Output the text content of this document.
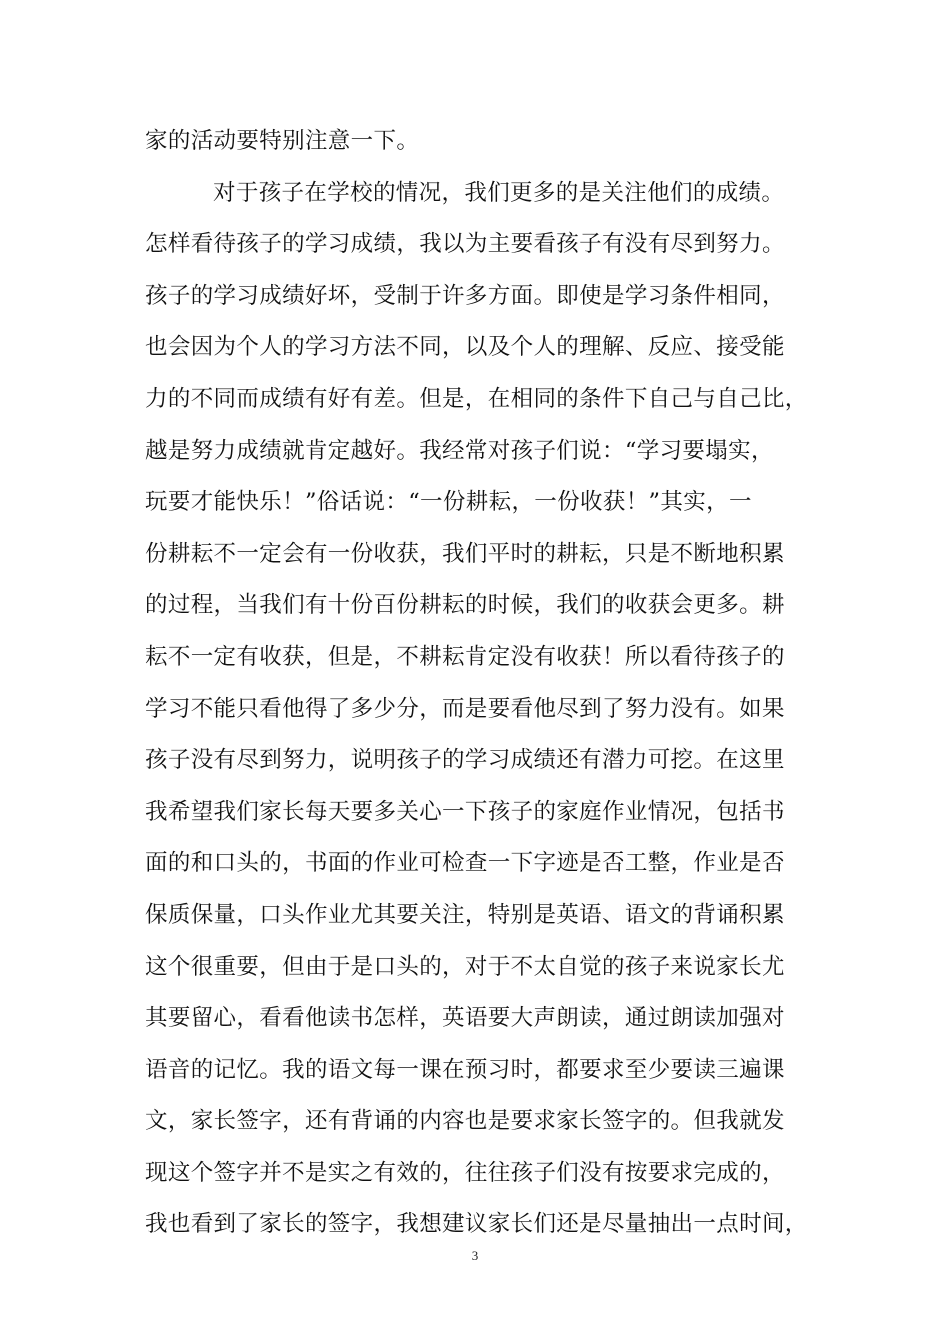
家的活动要特别注意一下。
对于孩子在学校的情况，我们更多的是关注他们的成绩。
怎样看待孩子的学习成绩，我以为主要看孩子有没有尽到努力。
孩子的学习成绩好坏，受制于许多方面。即使是学习条件相同，
也会因为个人的学习方法不同，以及个人的理解、反应、接受能
力的不同而成绩有好有差。但是，在相同的条件下自己与自己比，
越是努力成绩就肯定越好。我经常对孩子们说：“学习要塌实，
玩要才能快乐！”俗话说：“一份耕耘，一份收获！”其实，一
份耕耘不一定会有一份收获，我们平时的耕耘，只是不断地积累
的过程，当我们有十份百份耕耘的时候，我们的收获会更多。耕
耘不一定有收获，但是，不耕耘肯定没有收获！所以看待孩子的
学习不能只看他得了多少分，而是要看他尽到了努力没有。如果
孩子没有尽到努力，说明孩子的学习成绩还有潜力可挖。在这里
我希望我们家长每天要多关心一下孩子的家庭作业情况，包括书
面的和口头的，书面的作业可检查一下字迹是否工整，作业是否
保质保量，口头作业尤其要关注，特别是英语、语文的背诵积累
这个很重要，但由于是口头的，对于不太自觉的孩子来说家长尤
其要留心，看看他读书怎样，英语要大声朗读，通过朗读加强对
语音的记忆。我的语文每一课在预习时，都要求至少要读三遍课
文，家长签字，还有背诵的内容也是要求家长签字的。但我就发
现这个签字并不是实之有效的，往往孩子们没有按要求完成的，
我也看到了家长的签字，我想建议家长们还是尽量抽出一点时间，
3
